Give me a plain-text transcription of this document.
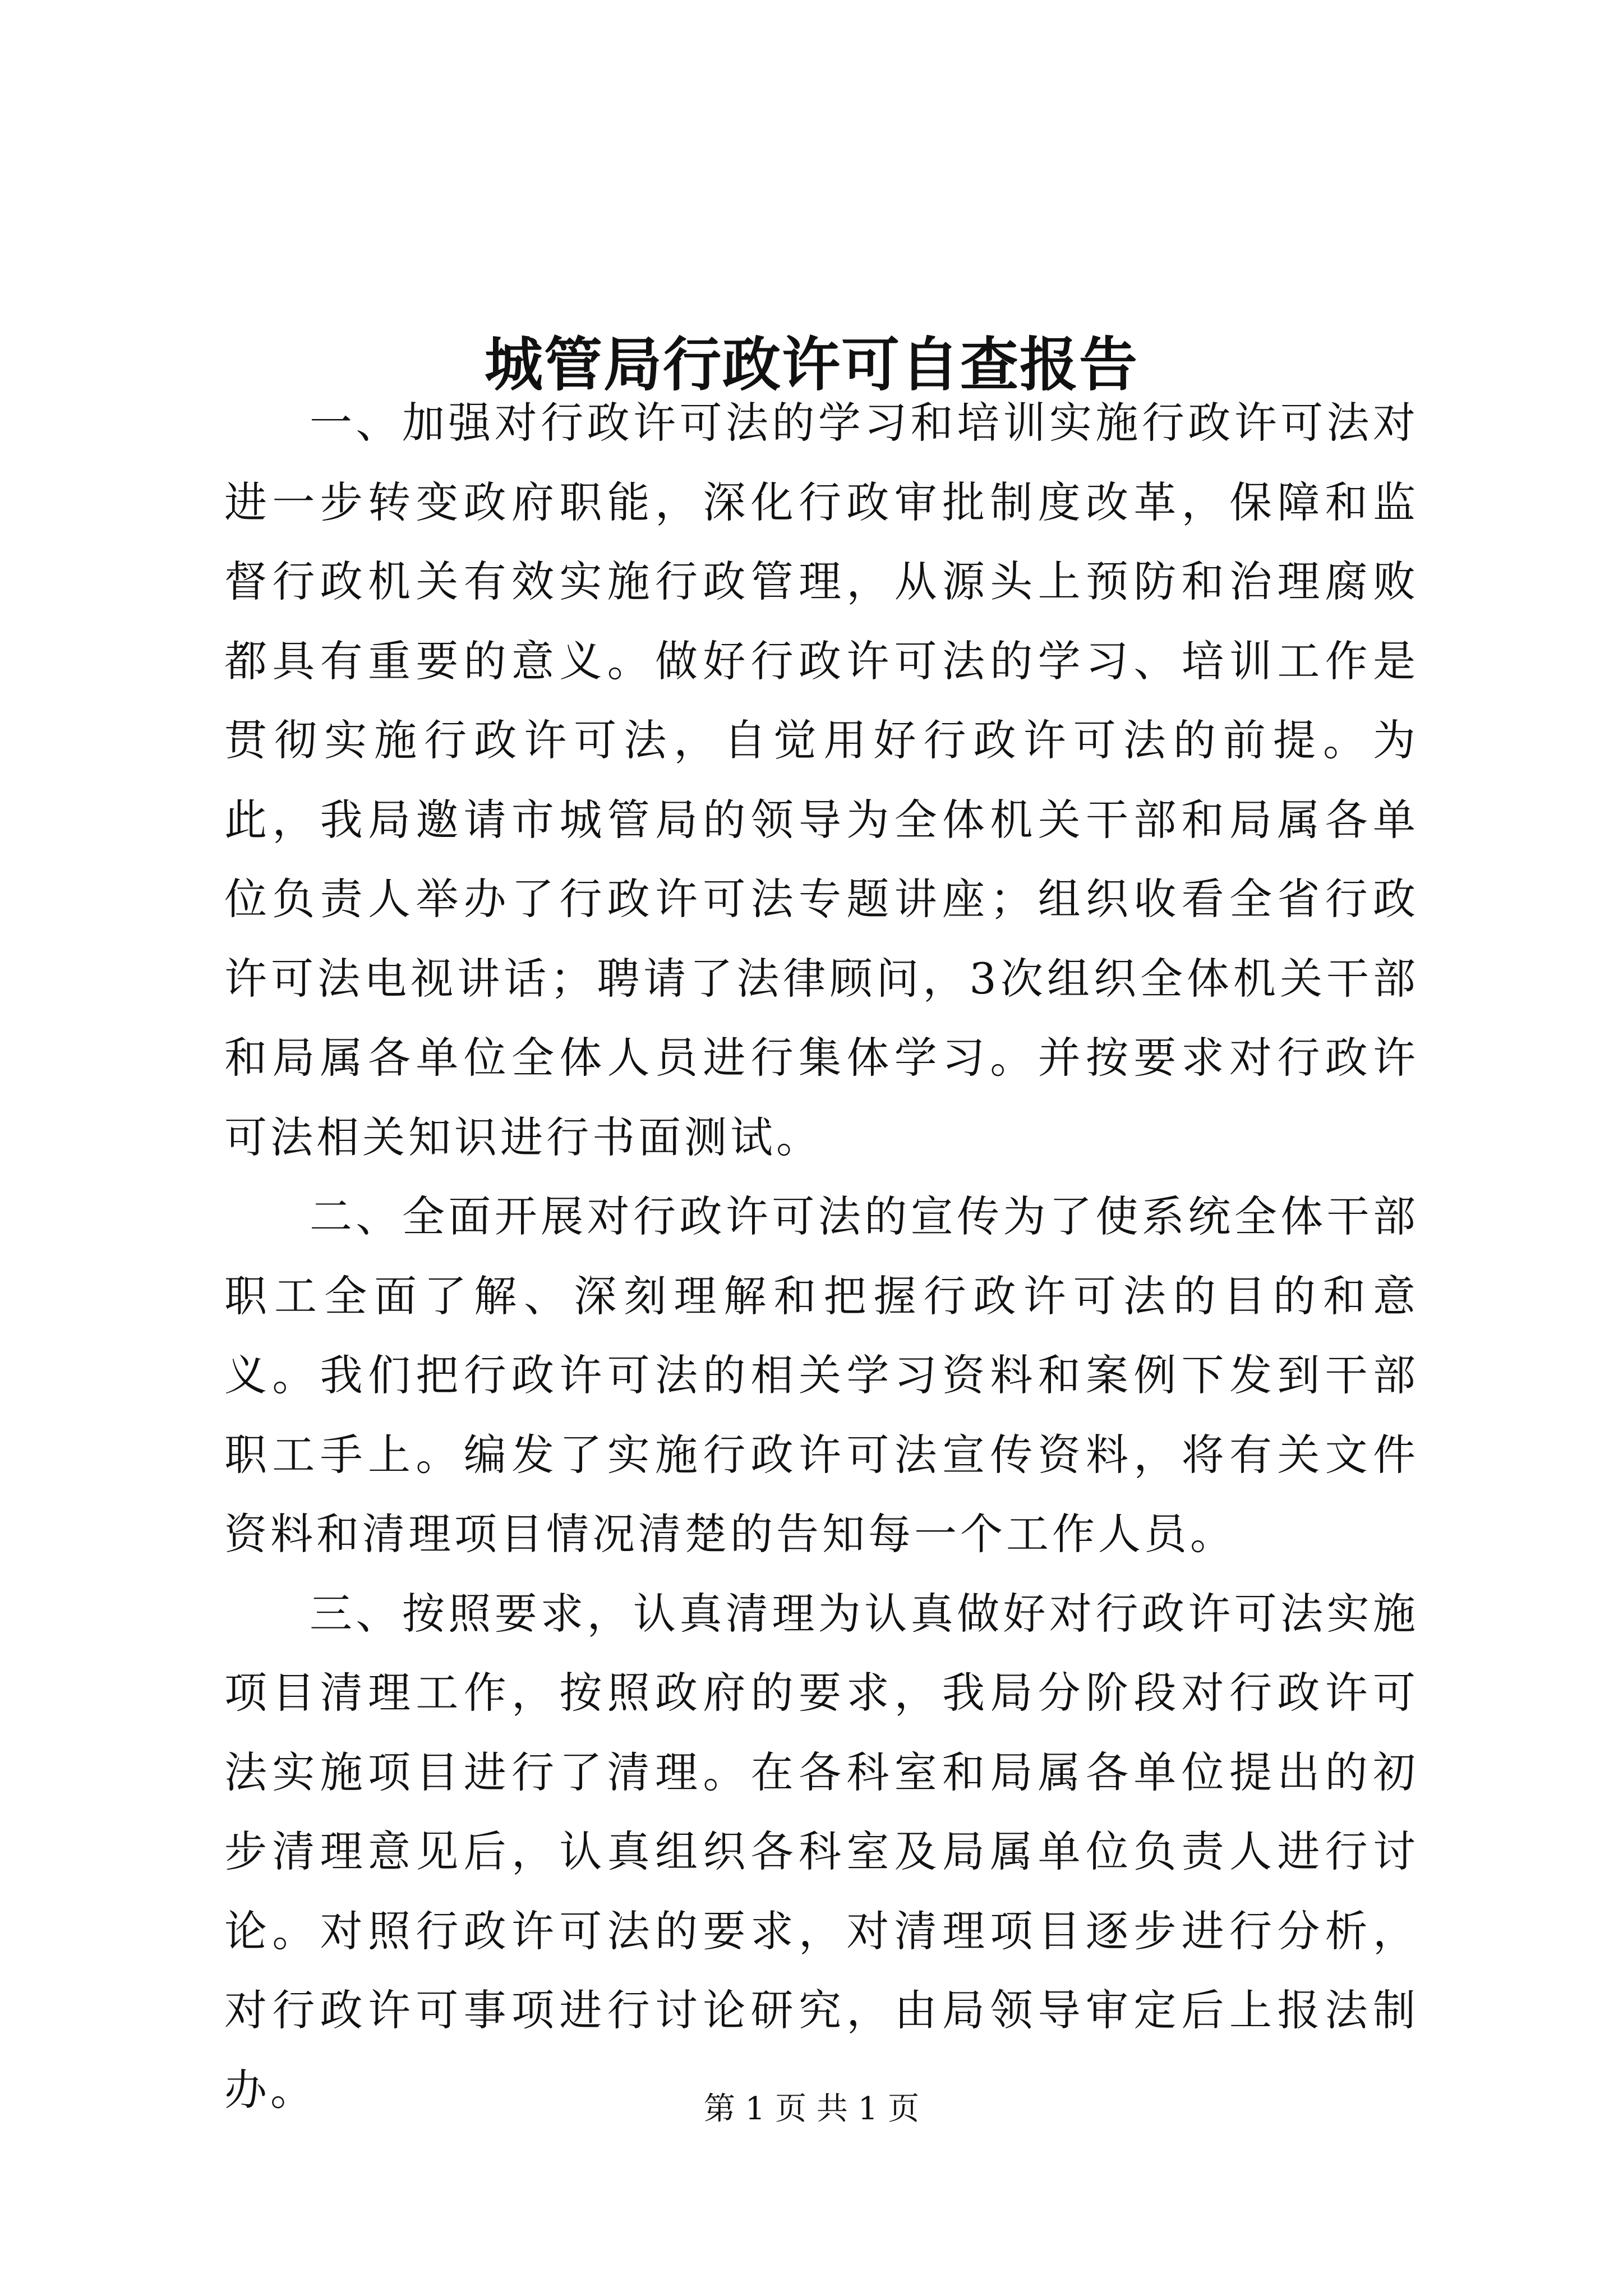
城管局行政许可自查报告

一、加强对行政许可法的学习和培训实施行政许可法对进一步转变政府职能，深化行政审批制度改革，保障和监督行政机关有效实施行政管理，从源头上预防和治理腐败都具有重要的意义。做好行政许可法的学习、培训工作是贯彻实施行政许可法，自觉用好行政许可法的前提。为此，我局邀请市城管局的领导为全体机关干部和局属各单位负责人举办了行政许可法专题讲座；组织收看全省行政许可法电视讲话；聘请了法律顾问，3次组织全体机关干部和局属各单位全体人员进行集体学习。并按要求对行政许可法相关知识进行书面测试。

二、全面开展对行政许可法的宣传为了使系统全体干部职工全面了解、深刻理解和把握行政许可法的目的和意义。我们把行政许可法的相关学习资料和案例下发到干部职工手上。编发了实施行政许可法宣传资料，将有关文件资料和清理项目情况清楚的告知每一个工作人员。

三、按照要求，认真清理为认真做好对行政许可法实施项目清理工作，按照政府的要求，我局分阶段对行政许可法实施项目进行了清理。在各科室和局属各单位提出的初步清理意见后，认真组织各科室及局属单位负责人进行讨论。对照行政许可法的要求，对清理项目逐步进行分析，对行政许可事项进行讨论研究，由局领导审定后上报法制办。	第 1 页 共 1 页
